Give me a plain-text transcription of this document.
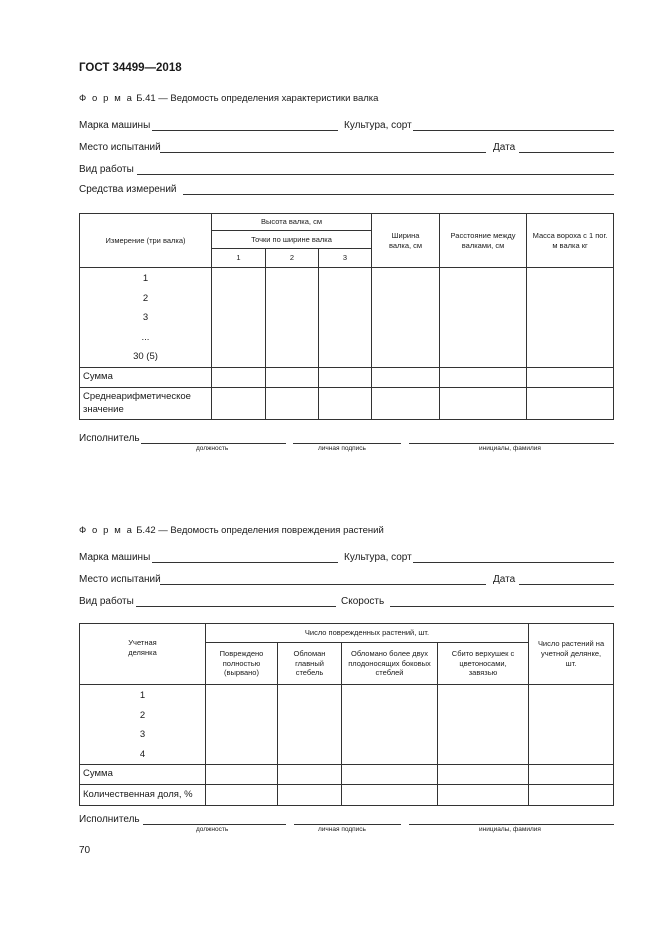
ГОСТ 34499—2018
Ф о р м а Б.41 — Ведомость определения характеристики валка
Марка машины	Культура, сорт
Место испытаний	Дата
Вид работы
Средства измерений
Измерение (три валка)	Высота валка, см			Ширина валка, см	Расстояние между валками, см	Масса вороха с 1 пог. м валка кг
	Точки по ширине валка					
	1	2	3			

1
2
3
...
30 (5)						

Сумма						
Среднеарифметическое значение						
Исполнитель
должность	личная подпись	инициалы, фамилия
Ф о р м а Б.42 — Ведомость определения повреждения растений
Марка машины	Культура, сорт
Место испытаний	Дата
Вид работы	Скорость
Учетная делянка	Число поврежденных растений, шт.				Число растений на учетной делянке, шт.
	Повреждено полностью (вырвано)	Обломан главный стебель	Обломано более двух плодоносящих боковых стеблей	Сбито верхушек с цветоносами, завязью	

1
2
3
4					

Сумма					
Количественная доля, %					
Исполнитель
должность	личная подпись	инициалы, фамилия
70
